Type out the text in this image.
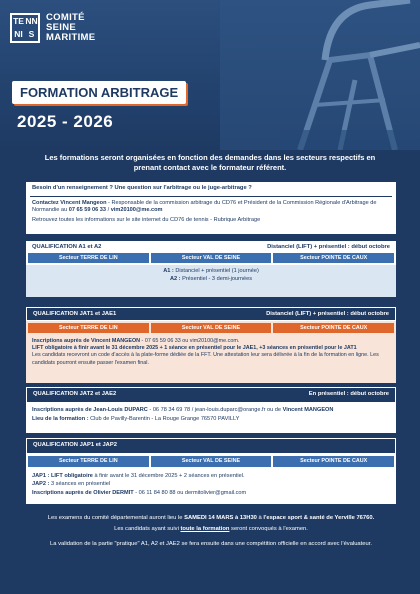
TE NN
NI S
COMITÉ
SEINE
MARITIME
FORMATION ARBITRAGE
2025 - 2026
Les formations seront organisées en fonction des demandes dans les secteurs respectifs en prenant contact avec le formateur référent.
Besoin d'un renseignement ? Une question sur l'arbitrage ou le juge-arbitrage ?
Contactez Vincent Mangeon - Responsable de la commission arbitrage du CD76 et Président de la Commission Régionale d'Arbitrage de Normandie au 07 65 59 06 33 / vim20100@me.com
Retrouvez toutes les informations sur le site internet du CD76 de tennis - Rubrique Arbitrage
QUALIFICATION A1 et A2	Distanciel (LIFT) + présentiel : début octobre
Secteur TERRE DE LIN	Secteur VAL DE SEINE	Secteur POINTE DE CAUX
A1 : Distanciel + présentiel (1 journée)
A2 : Présentiel - 3 demi-journées
QUALIFICATION JAT1 et JAE1	Distanciel (LIFT) + présentiel : début octobre
Secteur TERRE DE LIN	Secteur VAL DE SEINE	Secteur POINTE DE CAUX
Inscriptions auprès de Vincent MANGEON - 07 65 59 06 33 ou vim20100@me.com.
LIFT obligatoire à finir avant le 31 décembre 2025 + 1 séance en présentiel pour le JAE1, +3 séances en présentiel pour le JAT1
Les candidats recevront un code d'accès à la plate-forme dédiée de la FFT. Une attestation leur sera délivrée à la fin de la formation en ligne. Les candidats pourront ensuite passer l'examen final.
QUALIFICATION JAT2 et JAE2	En présentiel : début octobre
Inscriptions auprès de Jean-Louis DUPARC - 06 78 34 69 78 / jean-louis.duparc@orange.fr ou de Vincent MANGEON
Lieu de la formation : Club de Pavilly-Barentin - La Rouge Grange 76570 PAVILLY
QUALIFICATION JAP1 et JAP2
Secteur TERRE DE LIN	Secteur VAL DE SEINE	Secteur POINTE DE CAUX
JAP1 : LIFT obligatoire à finir avant le 31 décembre 2025 + 2 séances en présentiel.
JAP2 : 3 séances en présentiel
Inscriptions auprès de Olivier DERMIT - 06 11 84 80 88 ou dermitolivier@gmail.com
Les examens du comité départemental auront lieu le SAMEDI 14 MARS à 13H30 à l'espace sport & santé de Yerville 76760.
Les candidats ayant suivi toute la formation seront convoqués à l'examen.
La validation de la partie "pratique" A1, A2 et JAE2 se fera ensuite dans une compétition officielle en accord avec l'évaluateur.
